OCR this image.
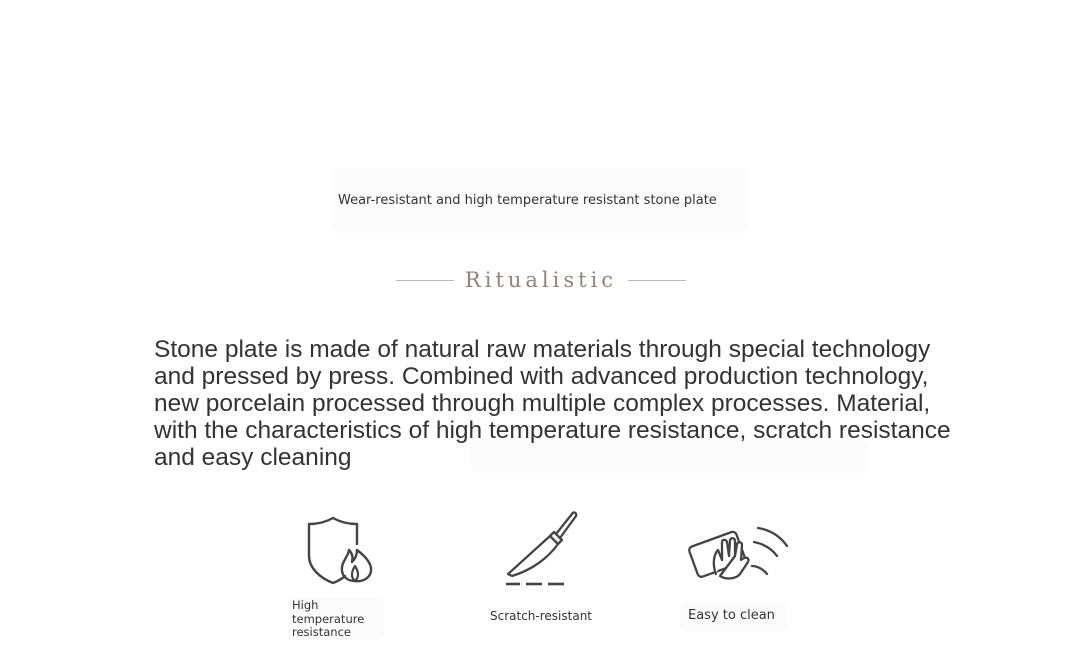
Wear-resistant and high temperature resistant stone plate
Ritualistic

Stone plate is made of natural raw materials through special technology and pressed by press. Combined with advanced production technology, new porcelain processed through multiple complex processes. Material, with the characteristics of high temperature resistance, scratch resistance and easy cleaning

High temperature resistance
Scratch-resistant	Easy to clean
